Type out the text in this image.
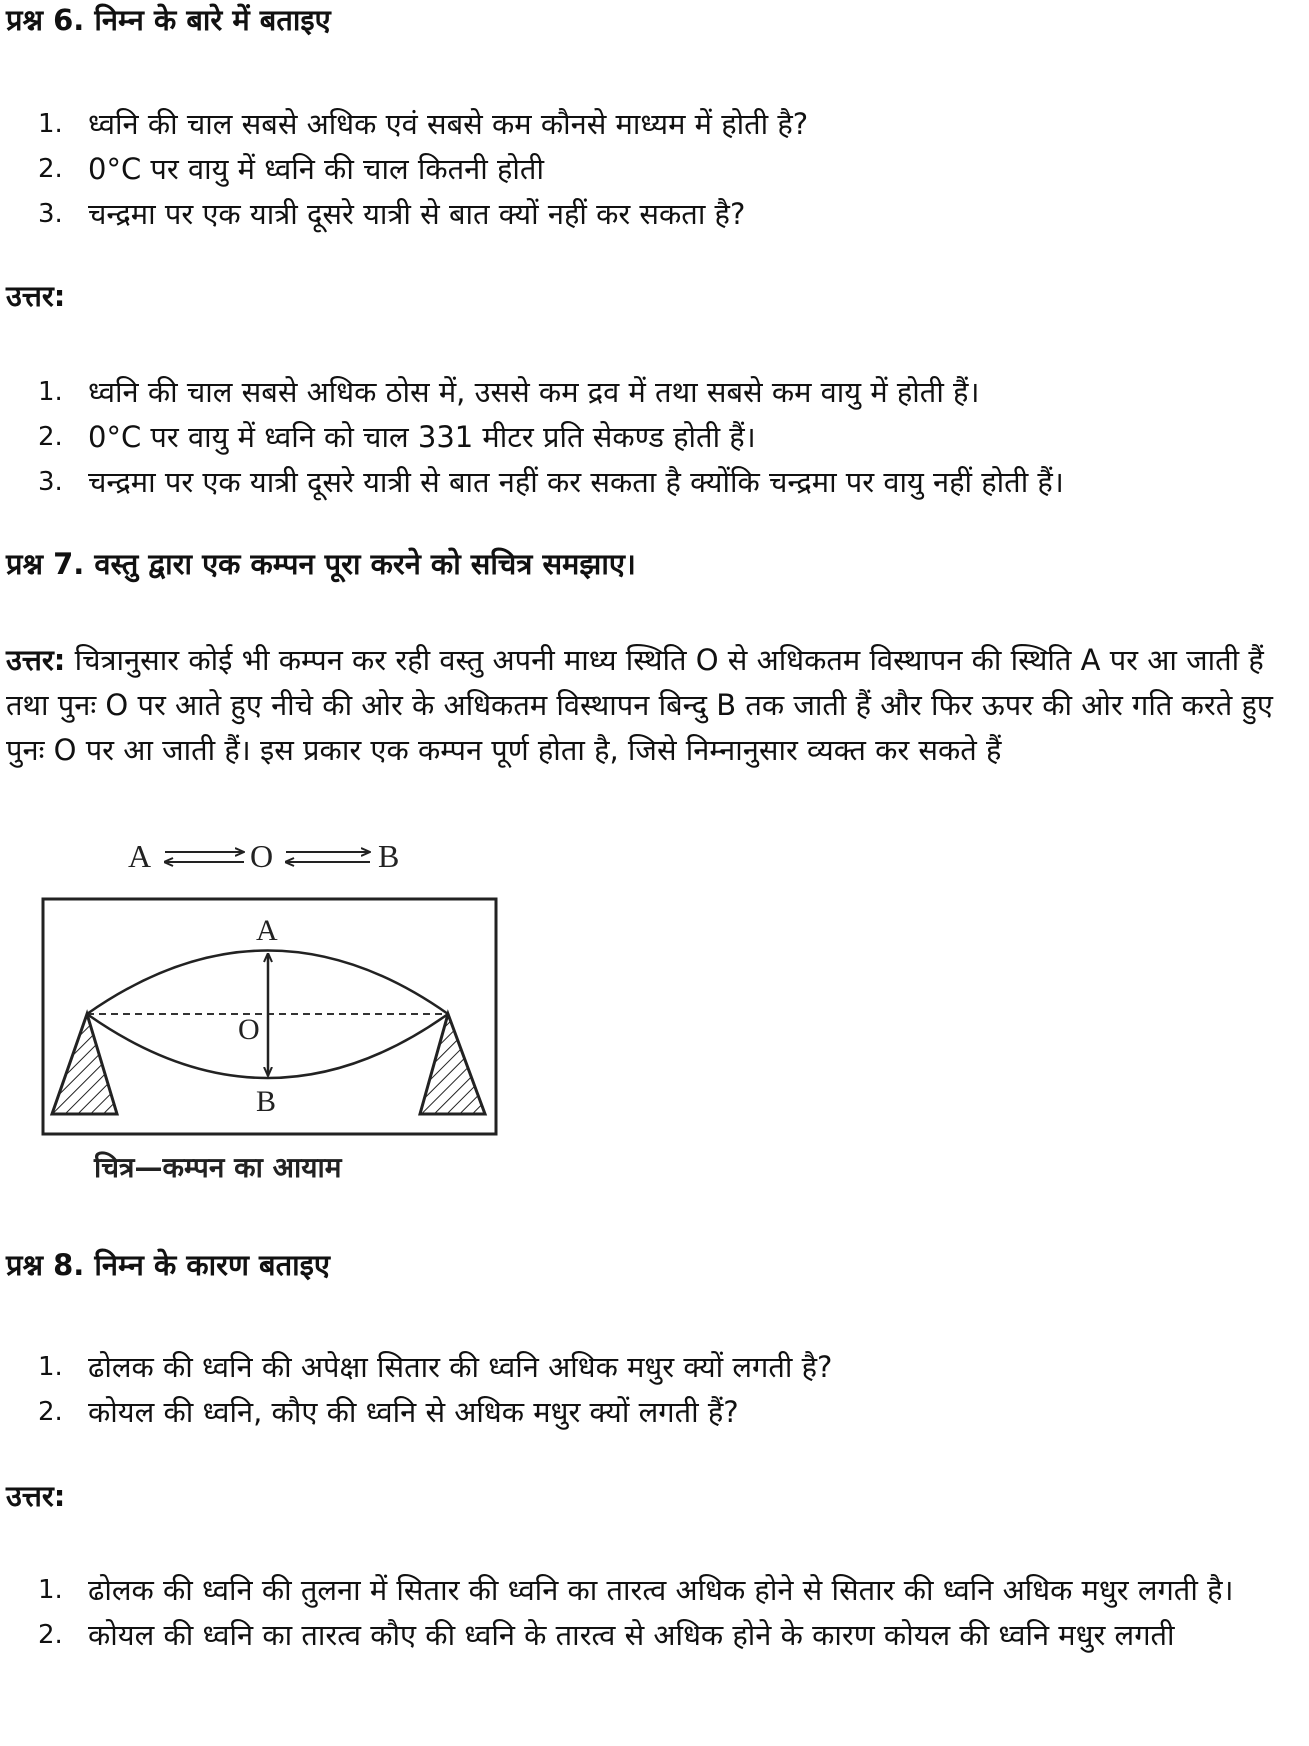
प्रश्न 6. निम्न के बारे में बताइए
1. ध्वनि की चाल सबसे अधिक एवं सबसे कम कौनसे माध्यम में होती है?
2. 0°C पर वायु में ध्वनि की चाल कितनी होती
3. चन्द्रमा पर एक यात्री दूसरे यात्री से बात क्यों नहीं कर सकता है?
उत्तर:
1. ध्वनि की चाल सबसे अधिक ठोस में, उससे कम द्रव में तथा सबसे कम वायु में होती हैं।
2. 0°C पर वायु में ध्वनि को चाल 331 मीटर प्रति सेकण्ड होती हैं।
3. चन्द्रमा पर एक यात्री दूसरे यात्री से बात नहीं कर सकता है क्योंकि चन्द्रमा पर वायु नहीं होती हैं।
प्रश्न 7. वस्तु द्वारा एक कम्पन पूरा करने को सचित्र समझाए।

उत्तर: चित्रानुसार कोई भी कम्पन कर रही वस्तु अपनी माध्य स्थिति O से अधिकतम विस्थापन की स्थिति A पर आ जाती हैं तथा पुनः O पर आते हुए नीचे की ओर के अधिकतम विस्थापन बिन्दु B तक जाती हैं और फिर ऊपर की ओर गति करते हुए पुनः O पर आ जाती हैं। इस प्रकार एक कम्पन पूर्ण होता है, जिसे निम्नानुसार व्यक्त कर सकते हैं

A	O	B
A
O
B
चित्र—कम्पन का आयाम
प्रश्न 8. निम्न के कारण बताइए
1. ढोलक की ध्वनि की अपेक्षा सितार की ध्वनि अधिक मधुर क्यों लगती है?
2. कोयल की ध्वनि, कौए की ध्वनि से अधिक मधुर क्यों लगती हैं?
उत्तर:
1. ढोलक की ध्वनि की तुलना में सितार की ध्वनि का तारत्व अधिक होने से सितार की ध्वनि अधिक मधुर लगती है।
2. कोयल की ध्वनि का तारत्व कौए की ध्वनि के तारत्व से अधिक होने के कारण कोयल की ध्वनि मधुर लगती
